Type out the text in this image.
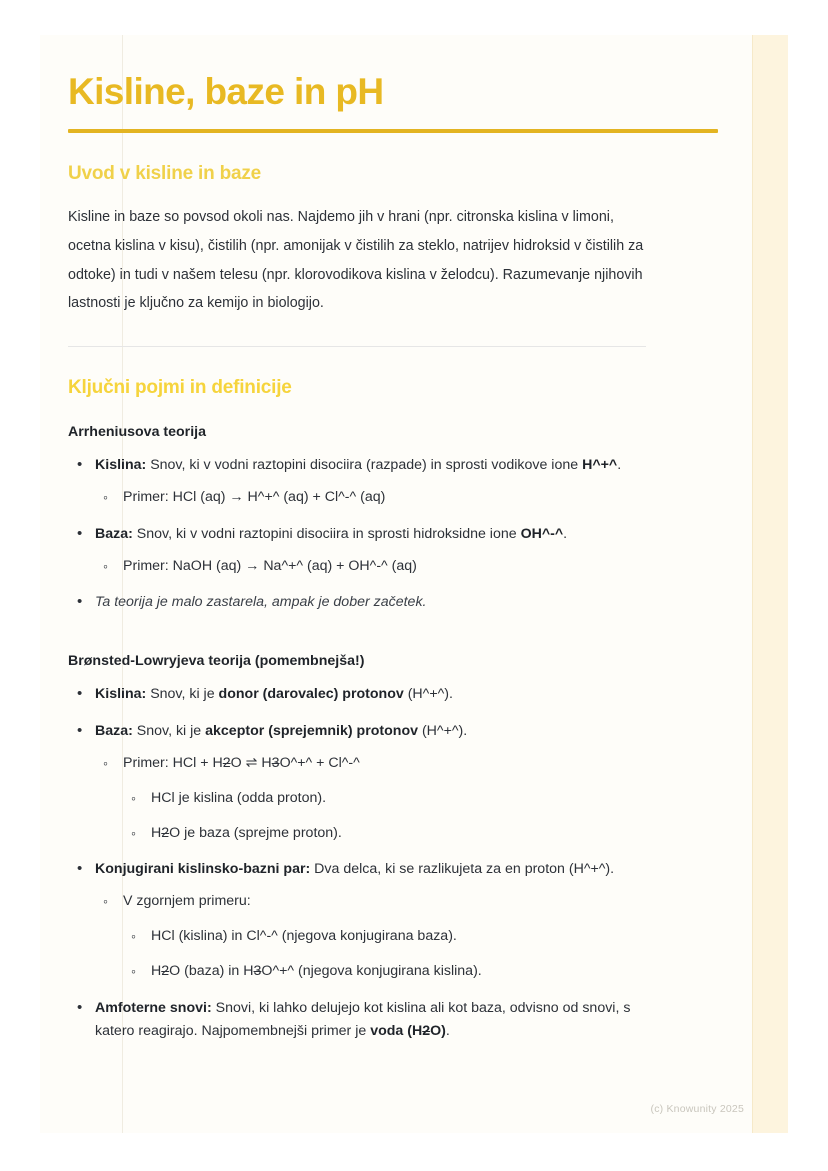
Kisline, baze in pH
Uvod v kisline in baze

Kisline in baze so povsod okoli nas. Najdemo jih v hrani (npr. citronska kislina v limoni, ocetna kislina v kisu), čistilih (npr. amonijak v čistilih za steklo, natrijev hidroksid v čistilih za odtoke) in tudi v našem telesu (npr. klorovodikova kislina v želodcu). Razumevanje njihovih lastnosti je ključno za kemijo in biologijo.

Ključni pojmi in definicije
Arrheniusova teorija
• Kislina: Snov, ki v vodni raztopini disociira (razpade) in sprosti vodikove ione H^+^.
◦ Primer: HCl (aq) → H^+^ (aq) + Cl^-^ (aq)
• Baza: Snov, ki v vodni raztopini disociira in sprosti hidroksidne ione OH^-^.
◦ Primer: NaOH (aq) → Na^+^ (aq) + OH^-^ (aq)
• Ta teorija je malo zastarela, ampak je dober začetek.
Brønsted-Lowryjeva teorija (pomembnejša!)
• Kislina: Snov, ki je donor (darovalec) protonov (H^+^).
• Baza: Snov, ki je akceptor (sprejemnik) protonov (H^+^).
◦ Primer: HCl + H2O ⇌ H3O^+^ + Cl^-^
◦ HCl je kislina (odda proton).
◦ H2O je baza (sprejme proton).
• Konjugirani kislinsko-bazni par: Dva delca, ki se razlikujeta za en proton (H^+^).
◦ V zgornjem primeru:
◦ HCl (kislina) in Cl^-^ (njegova konjugirana baza).
◦ H2O (baza) in H3O^+^ (njegova konjugirana kislina).
• Amfoterne snovi: Snovi, ki lahko delujejo kot kislina ali kot baza, odvisno od snovi, s katero reagirajo. Najpomembnejši primer je voda (H2O).
(c) Knowunity 2025
